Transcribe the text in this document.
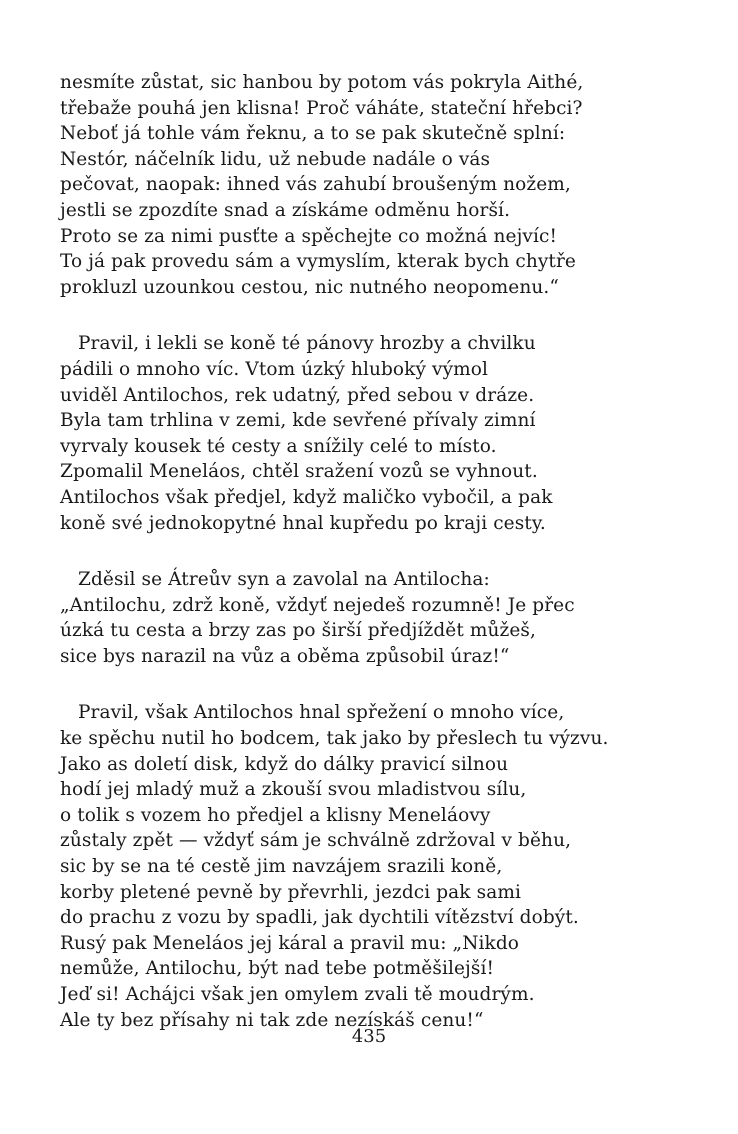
nesmíte zůstat, sic hanbou by potom vás pokryla Aithé,
třebaže pouhá jen klisna! Proč váháte, stateční hřebci?
Neboť já tohle vám řeknu, a to se pak skutečně splní:
Nestór, náčelník lidu, už nebude nadále o vás
pečovat, naopak: ihned vás zahubí broušeným nožem,
jestli se zpozdíte snad a získáme odměnu horší.
Proto se za nimi pusťte a spěchejte co možná nejvíc!
To já pak provedu sám a vymyslím, kterak bych chytře
prokluzl uzounkou cestou, nic nutného neopomenu.“
Pravil, i lekli se koně té pánovy hrozby a chvilku
pádili o mnoho víc. Vtom úzký hluboký výmol
uviděl Antilochos, rek udatný, před sebou v dráze.
Byla tam trhlina v zemi, kde sevřené přívaly zimní
vyrvaly kousek té cesty a snížily celé to místo.
Zpomalil Meneláos, chtěl sražení vozů se vyhnout.
Antilochos však předjel, když maličko vybočil, a pak
koně své jednokopytné hnal kupředu po kraji cesty.
Zděsil se Átreův syn a zavolal na Antilocha:
„Antilochu, zdrž koně, vždyť nejedeš rozumně! Je přec
úzká tu cesta a brzy zas po širší předjíždět můžeš,
sice bys narazil na vůz a oběma způsobil úraz!“
Pravil, však Antilochos hnal spřežení o mnoho více,
ke spěchu nutil ho bodcem, tak jako by přeslech tu výzvu.
Jako as doletí disk, když do dálky pravicí silnou
hodí jej mladý muž a zkouší svou mladistvou sílu,
o tolik s vozem ho předjel a klisny Meneláovy
zůstaly zpět — vždyť sám je schválně zdržoval v běhu,
sic by se na té cestě jim navzájem srazili koně,
korby pletené pevně by převrhli, jezdci pak sami
do prachu z vozu by spadli, jak dychtili vítězství dobýt.
Rusý pak Meneláos jej káral a pravil mu: „Nikdo
nemůže, Antilochu, být nad tebe potměšilejší!
Jeď si! Achájci však jen omylem zvali tě moudrým.
Ale ty bez přísahy ni tak zde nezískáš cenu!“
435
